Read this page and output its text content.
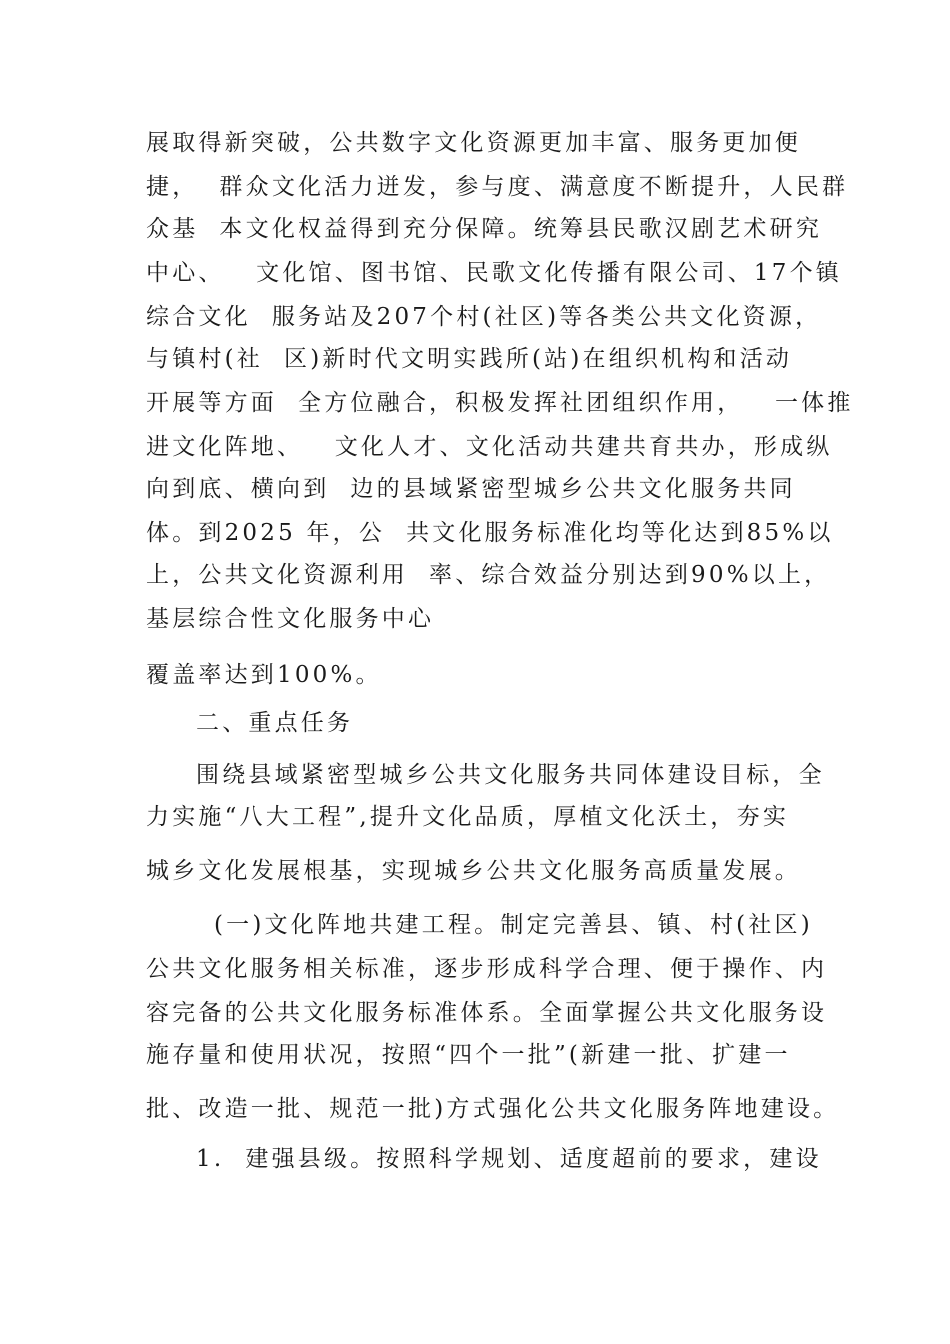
展取得新突破，公共数字文化资源更加丰富、服务更加便
捷，  群众文化活力迸发，参与度、满意度不断提升，人民群
众基  本文化权益得到充分保障。统筹县民歌汉剧艺术研究
中心、   文化馆、图书馆、民歌文化传播有限公司、17个镇
综合文化  服务站及207个村(社区)等各类公共文化资源，
与镇村(社  区)新时代文明实践所(站)在组织机构和活动
开展等方面  全方位融合，积极发挥社团组织作用，   一体推
进文化阵地、   文化人才、文化活动共建共育共办，形成纵
向到底、横向到  边的县域紧密型城乡公共文化服务共同
体。到2025 年，公  共文化服务标准化均等化达到85%以
上，公共文化资源利用  率、综合效益分别达到90%以上，
基层综合性文化服务中心
覆盖率达到100%。
二、重点任务
围绕县域紧密型城乡公共文化服务共同体建设目标，全
力实施“八大工程”,提升文化品质，厚植文化沃土，夯实
城乡文化发展根基，实现城乡公共文化服务高质量发展。
(一)文化阵地共建工程。制定完善县、镇、村(社区)
公共文化服务相关标准，逐步形成科学合理、便于操作、内
容完备的公共文化服务标准体系。全面掌握公共文化服务设
施存量和使用状况，按照“四个一批”(新建一批、扩建一
批、改造一批、规范一批)方式强化公共文化服务阵地建设。
1.  建强县级。按照科学规划、适度超前的要求，建设
